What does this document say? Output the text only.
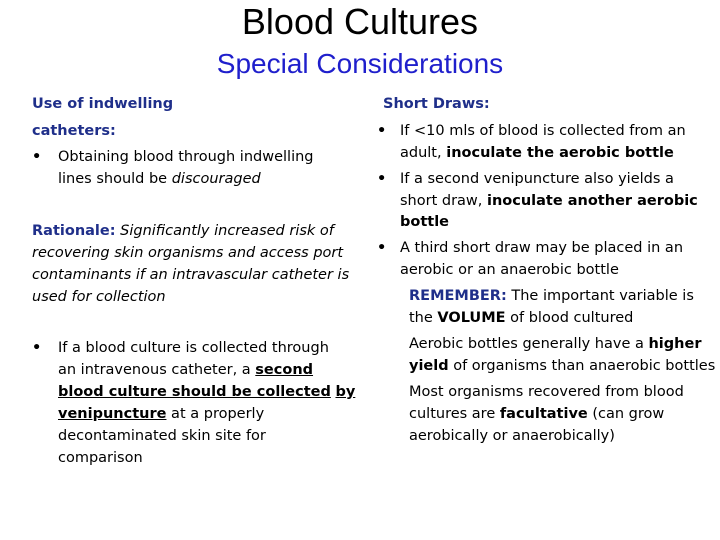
Blood Cultures
Special Considerations
Use of indwelling
catheters:
• Obtaining blood through indwelling
lines should be discouraged
Rationale: Significantly increased risk of
recovering skin organisms and access port
contaminants if an intravascular catheter is
used for collection
• If a blood culture is collected through
an intravenous catheter, a second
blood culture should be collected by
venipuncture at a properly
decontaminated skin site for
comparison
Short Draws:
• If <10 mls of blood is collected from an
adult, inoculate the aerobic bottle
• If a second venipuncture also yields a
short draw, inoculate another aerobic
bottle
• A third short draw may be placed in an
aerobic or an anaerobic bottle
REMEMBER: The important variable is
the VOLUME of blood cultured
Aerobic bottles generally have a higher
yield of organisms than anaerobic bottles
Most organisms recovered from blood
cultures are facultative (can grow
aerobically or anaerobically)
